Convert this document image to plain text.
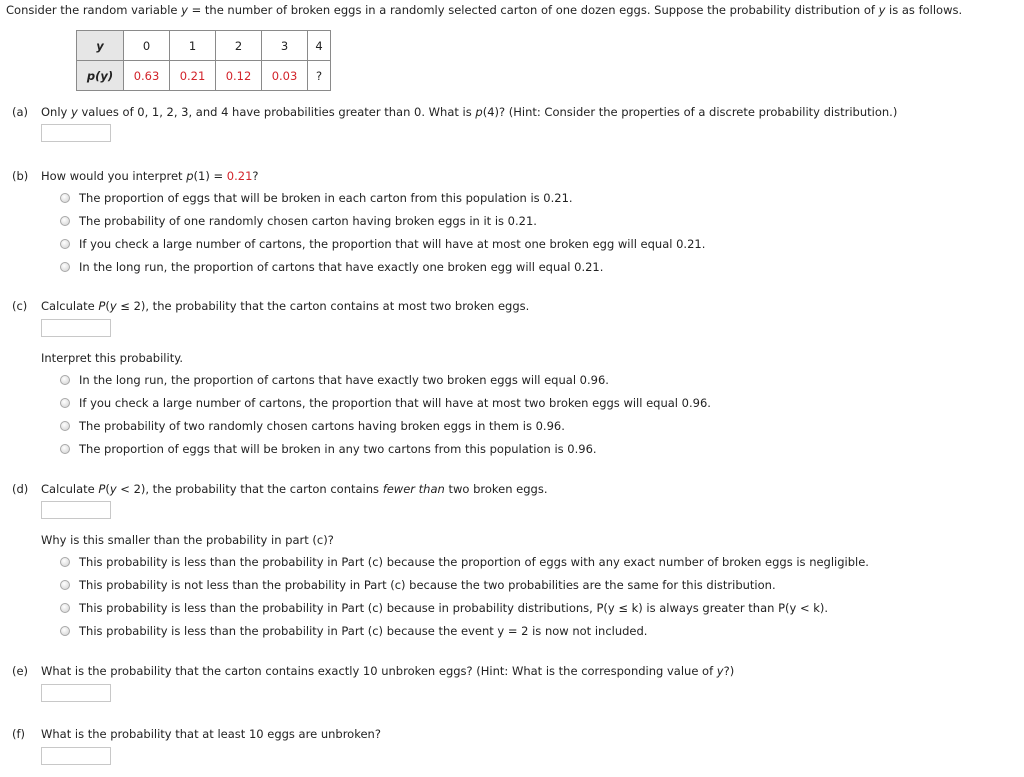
Consider the random variable y = the number of broken eggs in a randomly selected carton of one dozen eggs. Suppose the probability distribution of y is as follows.
y	0	1	2	3	4
p(y)	0.63	0.21	0.12	0.03	?
(a) Only y values of 0, 1, 2, 3, and 4 have probabilities greater than 0. What is p(4)? (Hint: Consider the properties of a discrete probability distribution.)
(b) How would you interpret p(1) = 0.21?
The proportion of eggs that will be broken in each carton from this population is 0.21.
The probability of one randomly chosen carton having broken eggs in it is 0.21.
If you check a large number of cartons, the proportion that will have at most one broken egg will equal 0.21.
In the long run, the proportion of cartons that have exactly one broken egg will equal 0.21.
(c) Calculate P(y ≤ 2), the probability that the carton contains at most two broken eggs.
Interpret this probability.
In the long run, the proportion of cartons that have exactly two broken eggs will equal 0.96.
If you check a large number of cartons, the proportion that will have at most two broken eggs will equal 0.96.
The probability of two randomly chosen cartons having broken eggs in them is 0.96.
The proportion of eggs that will be broken in any two cartons from this population is 0.96.
(d) Calculate P(y < 2), the probability that the carton contains fewer than two broken eggs.
Why is this smaller than the probability in part (c)?
This probability is less than the probability in Part (c) because the proportion of eggs with any exact number of broken eggs is negligible.
This probability is not less than the probability in Part (c) because the two probabilities are the same for this distribution.
This probability is less than the probability in Part (c) because in probability distributions, P(y ≤ k) is always greater than P(y < k).
This probability is less than the probability in Part (c) because the event y = 2 is now not included.
(e) What is the probability that the carton contains exactly 10 unbroken eggs? (Hint: What is the corresponding value of y?)
(f) What is the probability that at least 10 eggs are unbroken?
